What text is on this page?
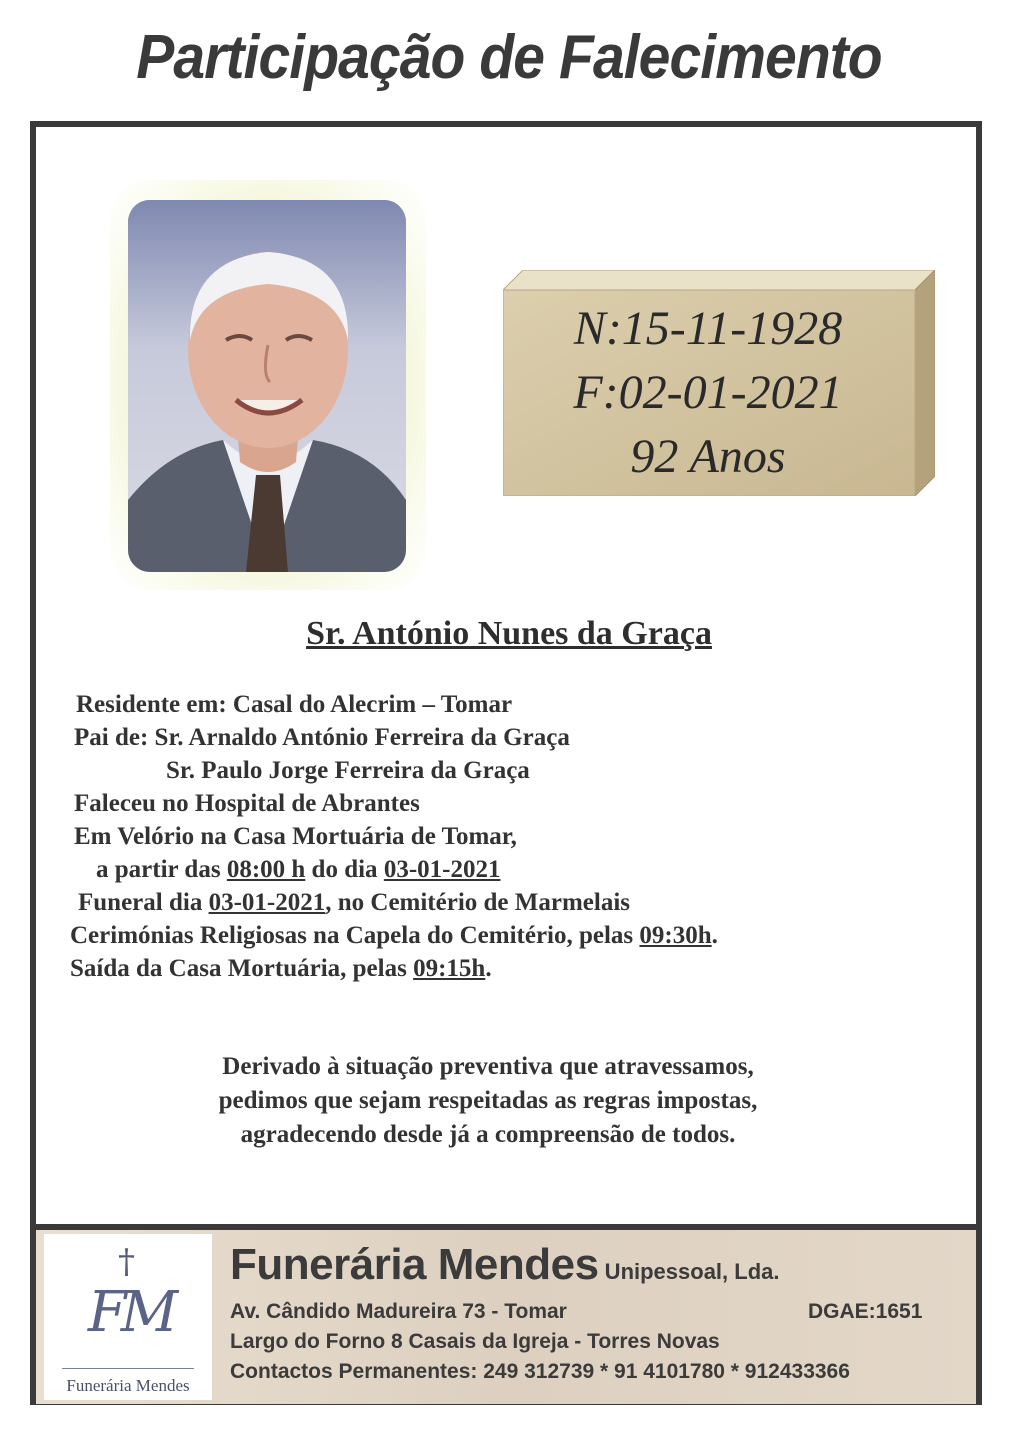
Participação de Falecimento
N:15-11-1928
F:02-01-2021
92 Anos
Sr. António Nunes da Graça
Residente em: Casal do Alecrim – Tomar
Pai de: Sr. Arnaldo António Ferreira da Graça
Sr. Paulo Jorge Ferreira da Graça
Faleceu no Hospital de Abrantes
Em Velório na Casa Mortuária de Tomar,
a partir das 08:00 h do dia 03-01-2021
Funeral dia 03-01-2021, no Cemitério de Marmelais
Cerimónias Religiosas na Capela do Cemitério, pelas 09:30h.
Saída da Casa Mortuária, pelas 09:15h.
Derivado à situação preventiva que atravessamos,
pedimos que sejam respeitadas as regras impostas,
agradecendo desde já a compreensão de todos.
†
FM
Funerária Mendes
Funerária Mendes Unipessoal, Lda.
Av. Cândido Madureira 73 - Tomar	DGAE:1651
Largo do Forno 8 Casais da Igreja - Torres Novas
Contactos Permanentes: 249 312739 * 91 4101780 * 912433366
